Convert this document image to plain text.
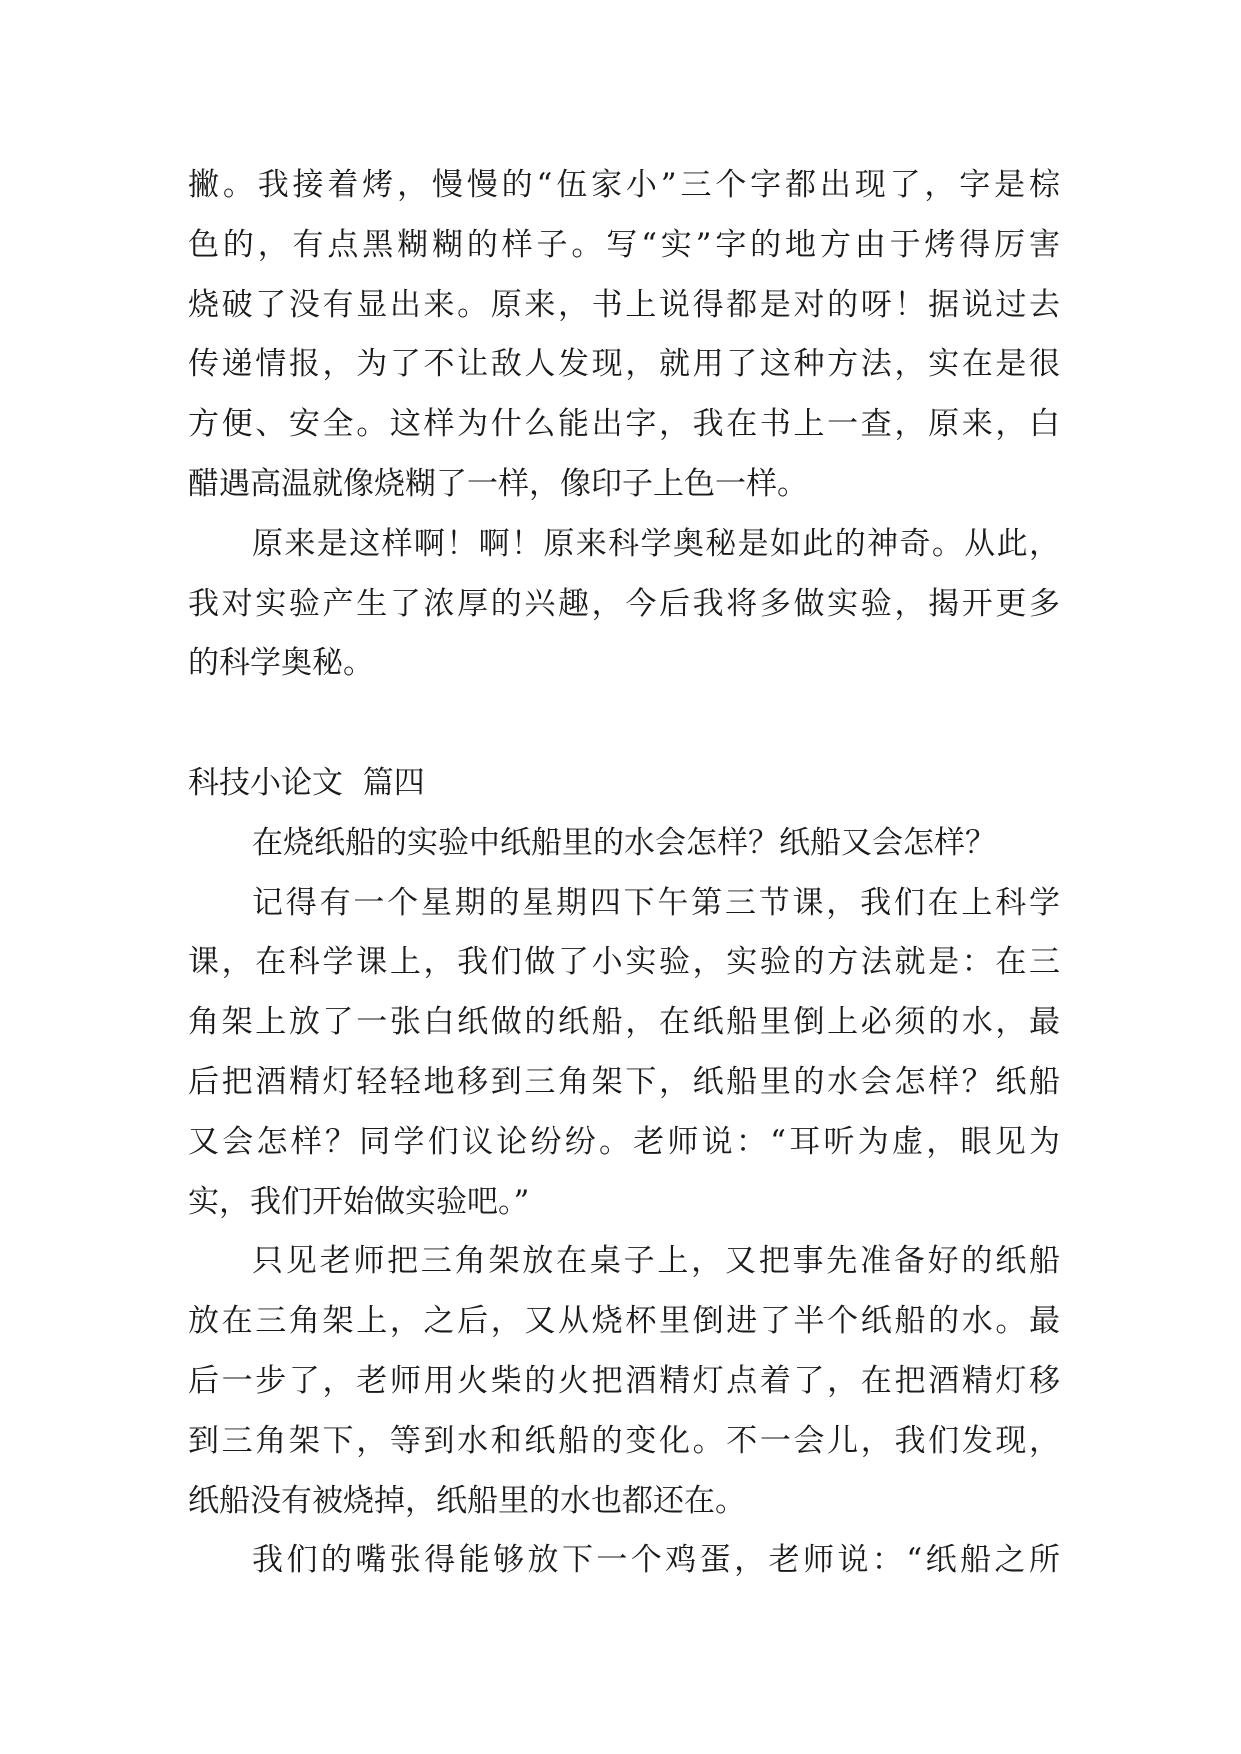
撇。我接着烤，慢慢的“伍家小”三个字都出现了，字是棕
色的，有点黑糊糊的样子。写“实”字的地方由于烤得厉害
烧破了没有显出来。原来，书上说得都是对的呀！据说过去
传递情报，为了不让敌人发现，就用了这种方法，实在是很
方便、安全。这样为什么能出字，我在书上一查，原来，白
醋遇高温就像烧糊了一样，像印子上色一样。
原来是这样啊！啊！原来科学奥秘是如此的神奇。从此，
我对实验产生了浓厚的兴趣，今后我将多做实验，揭开更多
的科学奥秘。
科技小论文  篇四
在烧纸船的实验中纸船里的水会怎样？纸船又会怎样？
记得有一个星期的星期四下午第三节课，我们在上科学
课，在科学课上，我们做了小实验，实验的方法就是：在三
角架上放了一张白纸做的纸船，在纸船里倒上必须的水，最
后把酒精灯轻轻地移到三角架下，纸船里的水会怎样？纸船
又会怎样？同学们议论纷纷。老师说：“耳听为虚，眼见为
实，我们开始做实验吧。”
只见老师把三角架放在桌子上，又把事先准备好的纸船
放在三角架上，之后，又从烧杯里倒进了半个纸船的水。最
后一步了，老师用火柴的火把酒精灯点着了，在把酒精灯移
到三角架下，等到水和纸船的变化。不一会儿，我们发现，
纸船没有被烧掉，纸船里的水也都还在。
我们的嘴张得能够放下一个鸡蛋，老师说：“纸船之所
